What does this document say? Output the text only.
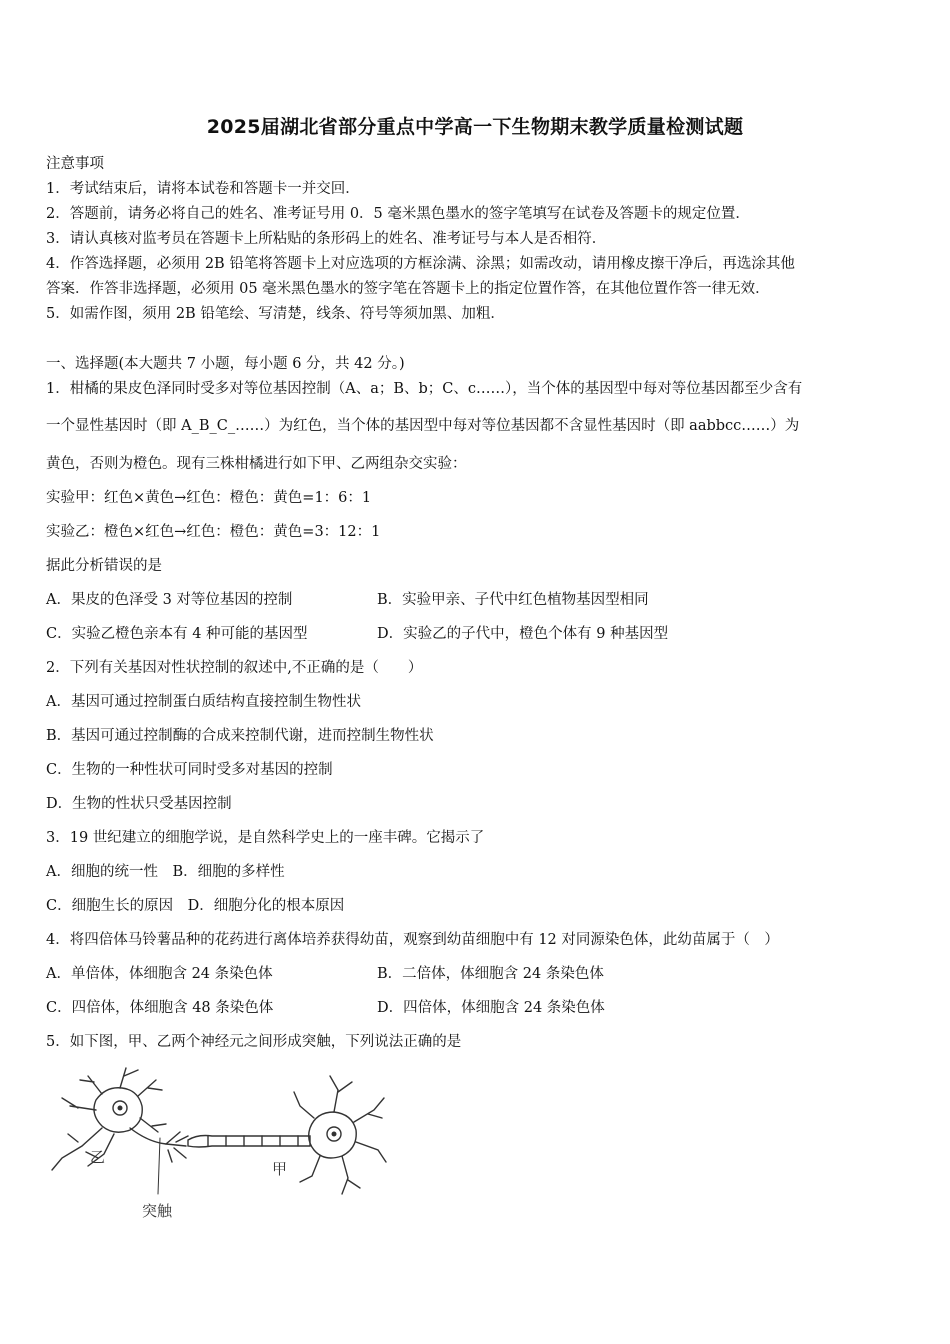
2025届湖北省部分重点中学高一下生物期末教学质量检测试题
注意事项
1．考试结束后，请将本试卷和答题卡一并交回．
2．答题前，请务必将自己的姓名、准考证号用 0．5 毫米黑色墨水的签字笔填写在试卷及答题卡的规定位置．
3．请认真核对监考员在答题卡上所粘贴的条形码上的姓名、准考证号与本人是否相符．
4．作答选择题，必须用 2B 铅笔将答题卡上对应选项的方框涂满、涂黑；如需改动，请用橡皮擦干净后，再选涂其他
答案．作答非选择题，必须用 05 毫米黑色墨水的签字笔在答题卡上的指定位置作答，在其他位置作答一律无效．
5．如需作图，须用 2B 铅笔绘、写清楚，线条、符号等须加黑、加粗．
一、选择题(本大题共 7 小题，每小题 6 分，共 42 分。)
1．柑橘的果皮色泽同时受多对等位基因控制（A、a；B、b；C、c……），当个体的基因型中每对等位基因都至少含有
一个显性基因时（即 A_B_C_……）为红色，当个体的基因型中每对等位基因都不含显性基因时（即 aabbcc……）为
黄色，否则为橙色。现有三株柑橘进行如下甲、乙两组杂交实验：
实验甲：红色×黄色→红色：橙色：黄色=1：6：1
实验乙：橙色×红色→红色：橙色：黄色=3：12：1
据此分析错误的是
A．果皮的色泽受 3 对等位基因的控制	B．实验甲亲、子代中红色植物基因型相同
C．实验乙橙色亲本有 4 种可能的基因型	D．实验乙的子代中，橙色个体有 9 种基因型
2．下列有关基因对性状控制的叙述中,不正确的是（　　）
A．基因可通过控制蛋白质结构直接控制生物性状
B．基因可通过控制酶的合成来控制代谢，进而控制生物性状
C．生物的一种性状可同时受多对基因的控制
D．生物的性状只受基因控制
3．19 世纪建立的细胞学说，是自然科学史上的一座丰碑。它揭示了
A．细胞的统一性　B．细胞的多样性
C．细胞生长的原因　D．细胞分化的根本原因
4．将四倍体马铃薯品种的花药进行离体培养获得幼苗，观察到幼苗细胞中有 12 对同源染色体，此幼苗属于（　）
A．单倍体，体细胞含 24 条染色体	B．二倍体，体细胞含 24 条染色体
C．四倍体，体细胞含 48 条染色体	D．四倍体，体细胞含 24 条染色体
5．如下图，甲、乙两个神经元之间形成突触，下列说法正确的是
乙
甲
突触
